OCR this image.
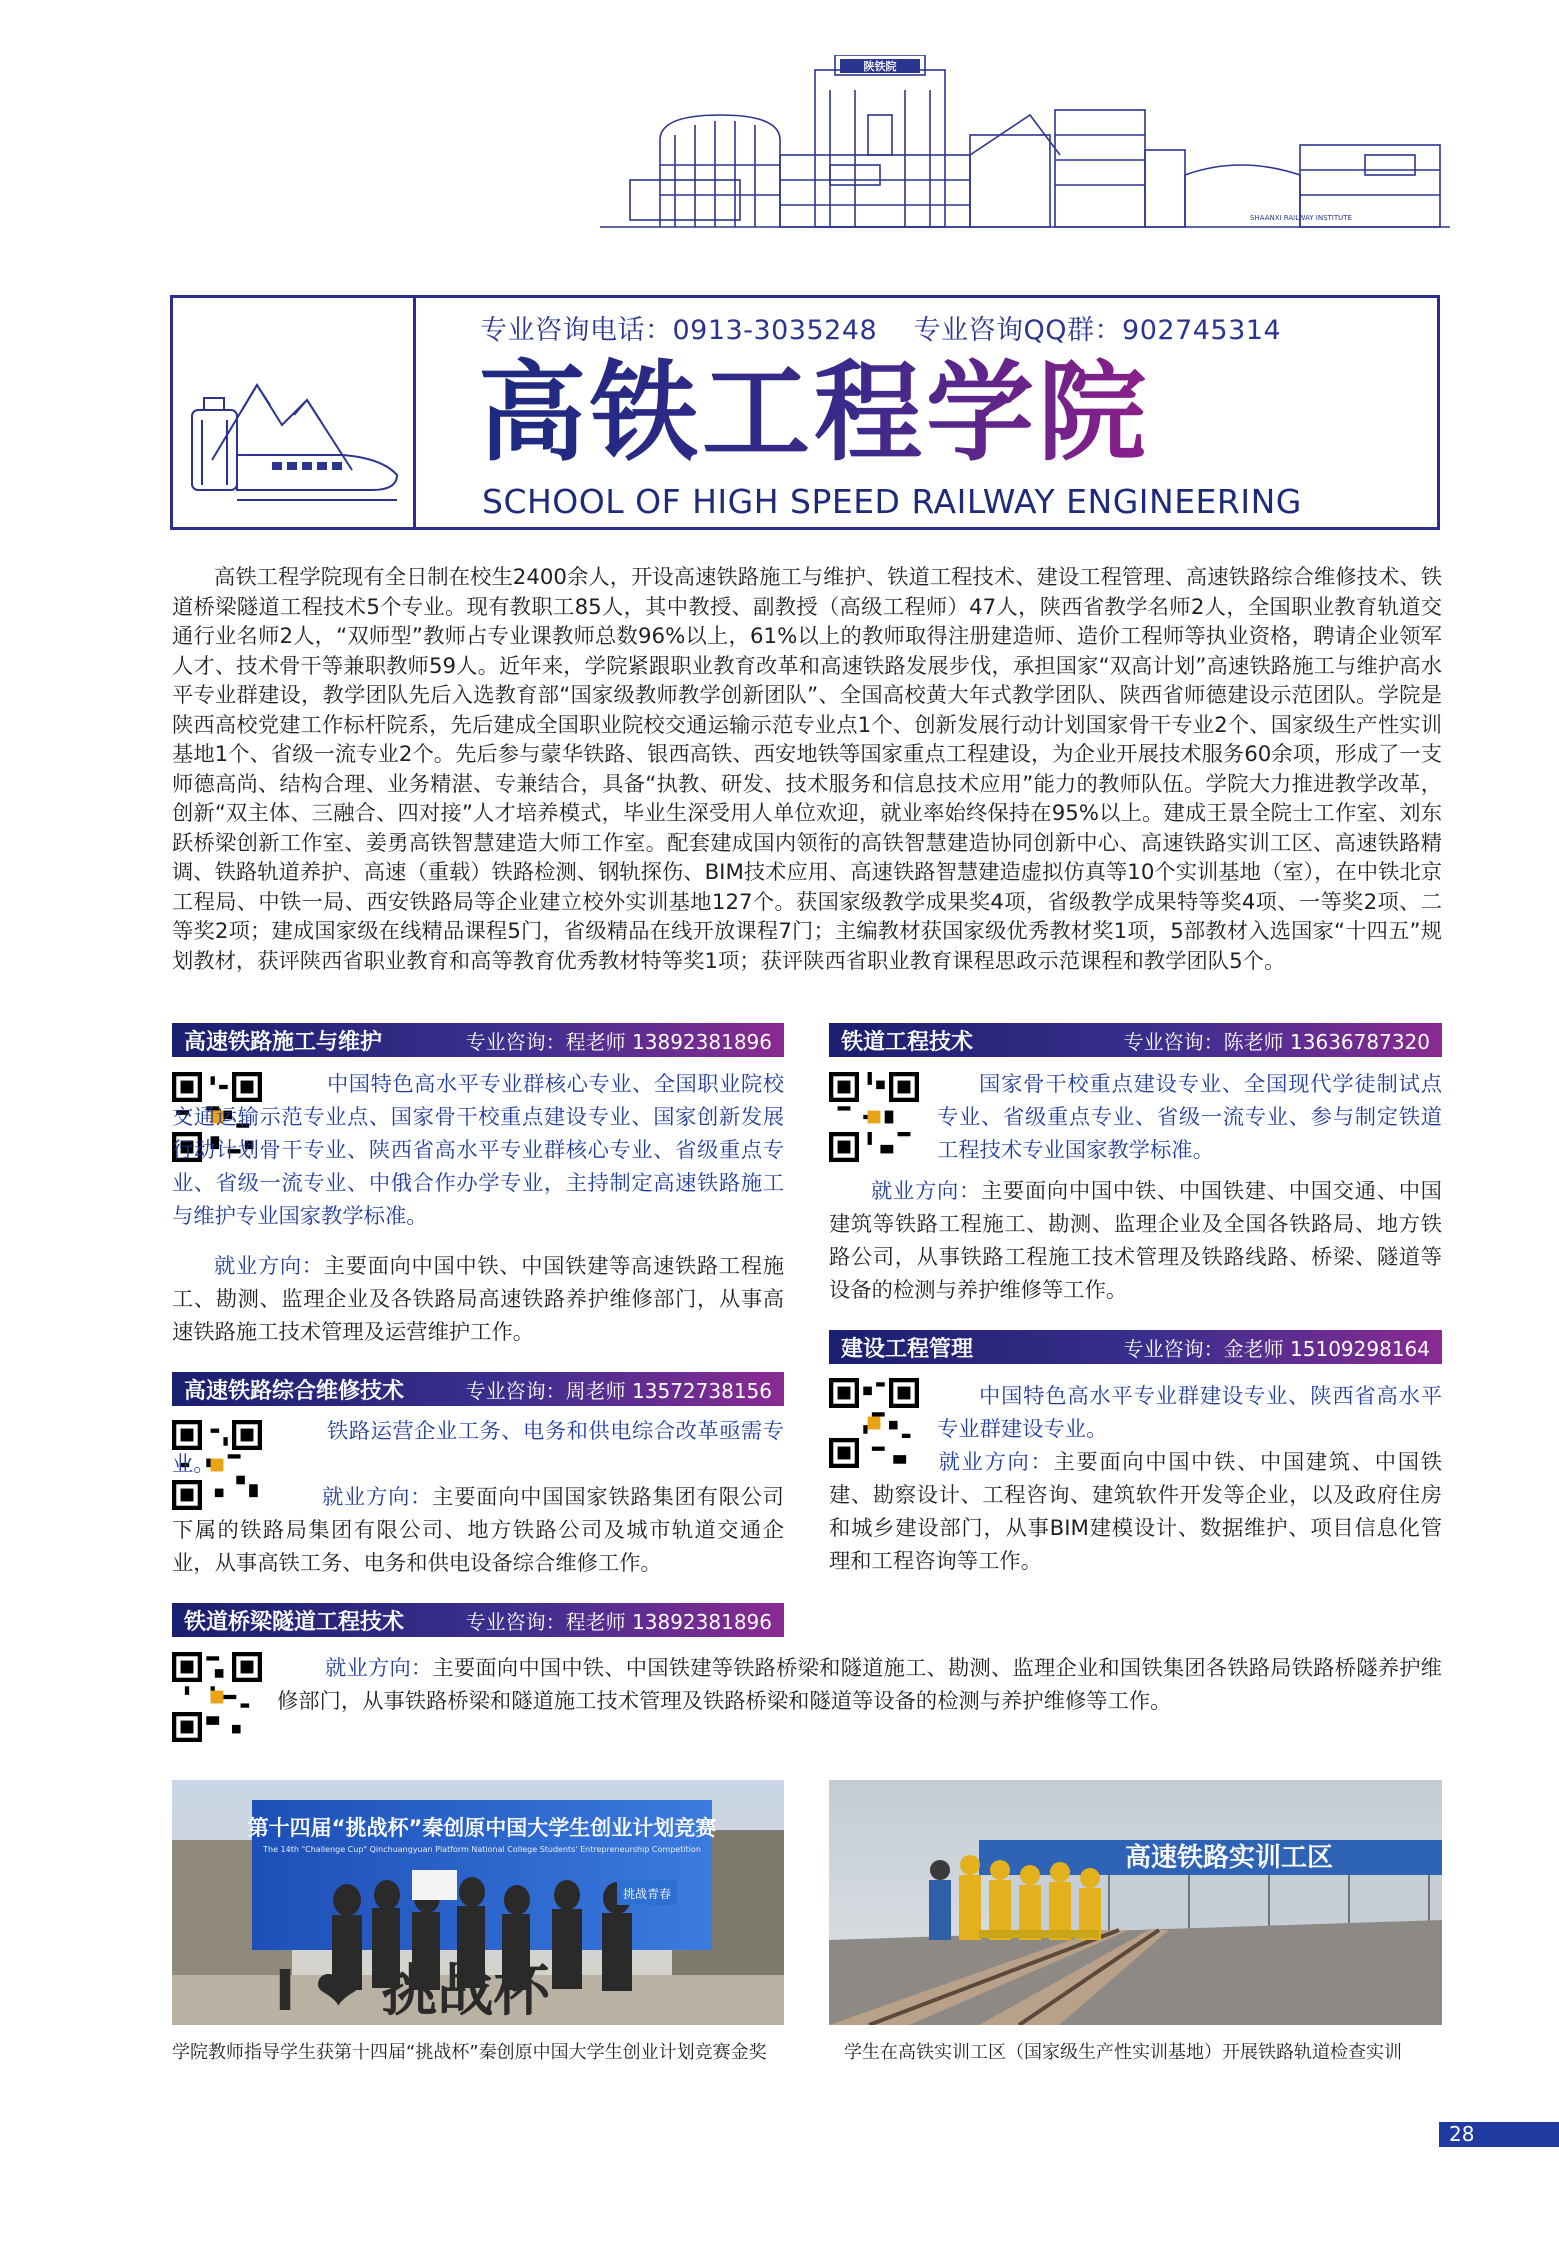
陕铁院
SHAANXI RAILWAY INSTITUTE
专业咨询电话：0913-3035248    专业咨询QQ群：902745314
高铁工程学院
SCHOOL OF HIGH SPEED RAILWAY ENGINEERING
高铁工程学院现有全日制在校生2400余人，开设高速铁路施工与维护、铁道工程技术、建设工程管理、高速铁路综合维修技术、铁道桥梁隧道工程技术5个专业。现有教职工85人，其中教授、副教授（高级工程师）47人，陕西省教学名师2人，全国职业教育轨道交通行业名师2人，“双师型”教师占专业课教师总数96%以上，61%以上的教师取得注册建造师、造价工程师等执业资格，聘请企业领军人才、技术骨干等兼职教师59人。近年来，学院紧跟职业教育改革和高速铁路发展步伐，承担国家“双高计划”高速铁路施工与维护高水平专业群建设，教学团队先后入选教育部“国家级教师教学创新团队”、全国高校黄大年式教学团队、陕西省师德建设示范团队。学院是陕西高校党建工作标杆院系，先后建成全国职业院校交通运输示范专业点1个、创新发展行动计划国家骨干专业2个、国家级生产性实训基地1个、省级一流专业2个。先后参与蒙华铁路、银西高铁、西安地铁等国家重点工程建设，为企业开展技术服务60余项，形成了一支师德高尚、结构合理、业务精湛、专兼结合，具备“执教、研发、技术服务和信息技术应用”能力的教师队伍。学院大力推进教学改革，创新“双主体、三融合、四对接”人才培养模式，毕业生深受用人单位欢迎，就业率始终保持在95%以上。建成王景全院士工作室、刘东跃桥梁创新工作室、姜勇高铁智慧建造大师工作室。配套建成国内领衔的高铁智慧建造协同创新中心、高速铁路实训工区、高速铁路精调、铁路轨道养护、高速（重载）铁路检测、钢轨探伤、BIM技术应用、高速铁路智慧建造虚拟仿真等10个实训基地（室），在中铁北京工程局、中铁一局、西安铁路局等企业建立校外实训基地127个。获国家级教学成果奖4项，省级教学成果特等奖4项、一等奖2项、二等奖2项；建成国家级在线精品课程5门，省级精品在线开放课程7门；主编教材获国家级优秀教材奖1项，5部教材入选国家“十四五”规划教材，获评陕西省职业教育和高等教育优秀教材特等奖1项；获评陕西省职业教育课程思政示范课程和教学团队5个。
高速铁路施工与维护	专业咨询：程老师 13892381896
中国特色高水平专业群核心专业、全国职业院校交通运输示范专业点、国家骨干校重点建设专业、国家创新发展行动计划骨干专业、陕西省高水平专业群核心专业、省级重点专业、省级一流专业、中俄合作办学专业，主持制定高速铁路施工与维护专业国家教学标准。
就业方向：主要面向中国中铁、中国铁建等高速铁路工程施工、勘测、监理企业及各铁路局高速铁路养护维修部门，从事高速铁路施工技术管理及运营维护工作。
高速铁路综合维修技术	专业咨询：周老师 13572738156
铁路运营企业工务、电务和供电综合改革亟需专业。
就业方向：主要面向中国国家铁路集团有限公司下属的铁路局集团有限公司、地方铁路公司及城市轨道交通企业，从事高铁工务、电务和供电设备综合维修工作。
铁道桥梁隧道工程技术	专业咨询：程老师 13892381896
就业方向：主要面向中国中铁、中国铁建等铁路桥梁和隧道施工、勘测、监理企业和国铁集团各铁路局铁路桥隧养护维修部门，从事铁路桥梁和隧道施工技术管理及铁路桥梁和隧道等设备的检测与养护维修等工作。
铁道工程技术	专业咨询：陈老师 13636787320
国家骨干校重点建设专业、全国现代学徒制试点专业、省级重点专业、省级一流专业、参与制定铁道工程技术专业国家教学标准。
就业方向：主要面向中国中铁、中国铁建、中国交通、中国建筑等铁路工程施工、勘测、监理企业及全国各铁路局、地方铁路公司，从事铁路工程施工技术管理及铁路线路、桥梁、隧道等设备的检测与养护维修等工作。
建设工程管理	专业咨询：金老师 15109298164
中国特色高水平专业群建设专业、陕西省高水平专业群建设专业。
就业方向：主要面向中国中铁、中国建筑、中国铁建、勘察设计、工程咨询、建筑软件开发等企业，以及政府住房和城乡建设部门，从事BIM建模设计、数据维护、项目信息化管理和工程咨询等工作。
挑战青春
第十四届“挑战杯”秦创原中国大学生创业计划竞赛
The 14th "Challenge Cup" Qinchuangyuan Platform National College Students' Entrepreneurship Competition
I ❤ 挑战杯
学院教师指导学生获第十四届“挑战杯”秦创原中国大学生创业计划竞赛金奖
高速铁路实训工区
学生在高铁实训工区（国家级生产性实训基地）开展铁路轨道检查实训
28
